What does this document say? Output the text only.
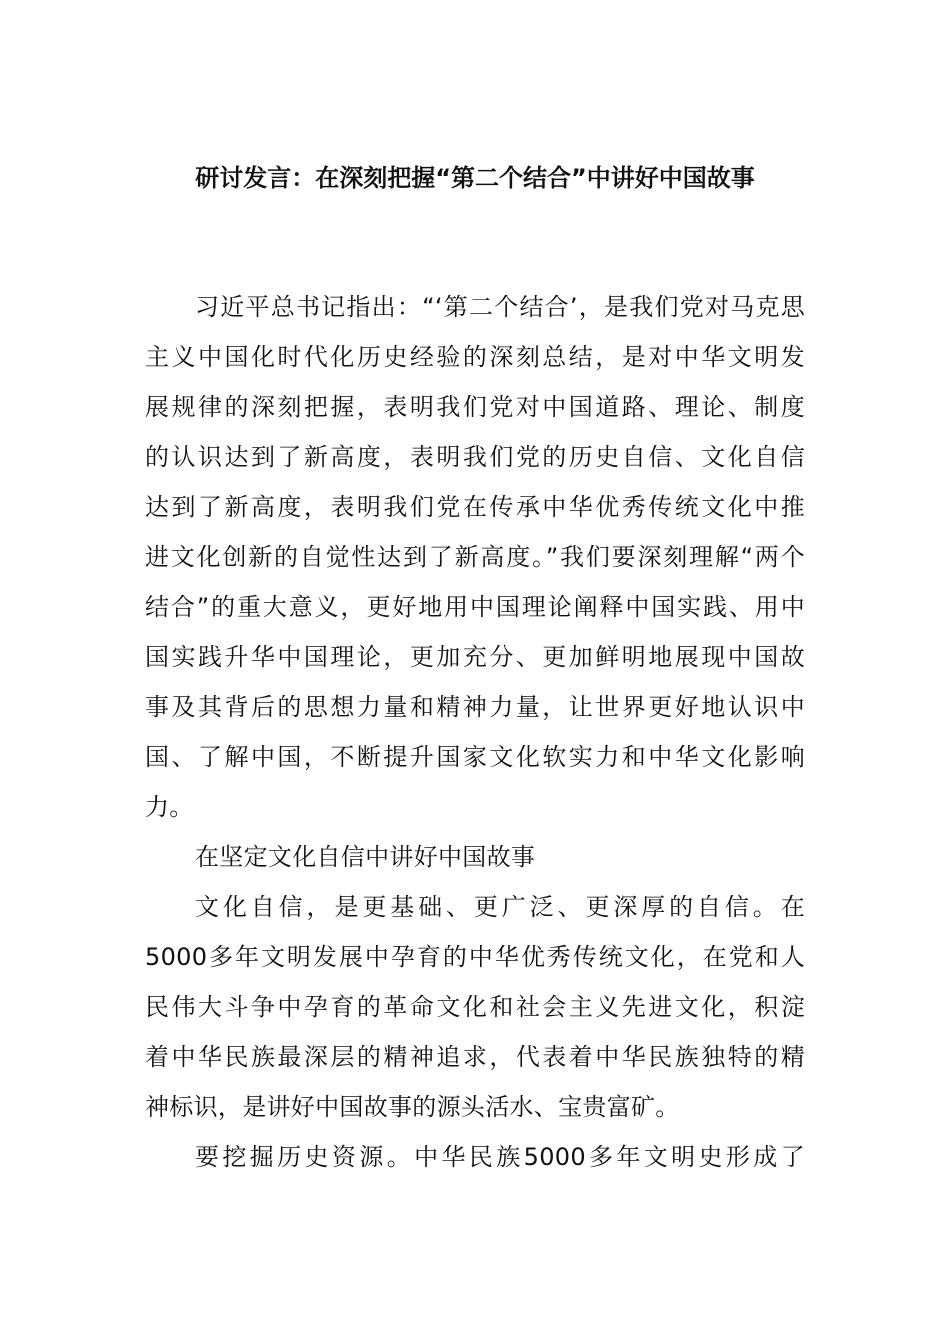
研讨发言：在深刻把握“第二个结合”中讲好中国故事
习近平总书记指出：“‘第二个结合’，是我们党对马克思
主义中国化时代化历史经验的深刻总结，是对中华文明发
展规律的深刻把握，表明我们党对中国道路、理论、制度
的认识达到了新高度，表明我们党的历史自信、文化自信
达到了新高度，表明我们党在传承中华优秀传统文化中推
进文化创新的自觉性达到了新高度。”我们要深刻理解“两个
结合”的重大意义，更好地用中国理论阐释中国实践、用中
国实践升华中国理论，更加充分、更加鲜明地展现中国故
事及其背后的思想力量和精神力量，让世界更好地认识中
国、了解中国，不断提升国家文化软实力和中华文化影响
力。
在坚定文化自信中讲好中国故事
文化自信，是更基础、更广泛、更深厚的自信。在
5000多年文明发展中孕育的中华优秀传统文化，在党和人
民伟大斗争中孕育的革命文化和社会主义先进文化，积淀
着中华民族最深层的精神追求，代表着中华民族独特的精
神标识，是讲好中国故事的源头活水、宝贵富矿。
要挖掘历史资源。中华民族5000多年文明史形成了
